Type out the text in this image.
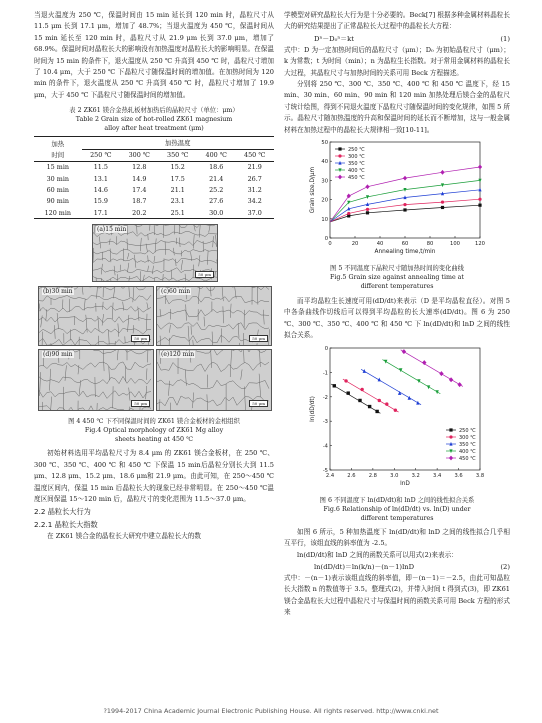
当退火温度为 250 ℃，保温时间由 15 min 延长到 120 min 时，晶粒尺寸从 11.5 μm 长到 17.1 μm，增加了 48.7%；当退火温度为 450 ℃，保温时间从 15 min 延长至 120 min 时，晶粒尺寸从 21.9 μm 长到 37.0 μm，增加了 68.9%。保温时间对晶粒长大的影响没有加热温度对晶粒长大的影响明显。在保温时间为 15 min 的条件下，退火温度从 250 ℃ 升高到 450 ℃ 时，晶粒尺寸增加了 10.4 μm，大于 250 ℃ 下晶粒尺寸随保温时间的增加值。在加热时间为 120 min 的条件下，退火温度从 250 ℃ 升高到 450 ℃ 时，晶粒尺寸增加了 19.9 μm，大于 450 ℃ 下晶粒尺寸随保温时间的增加值。

表 2 ZK61 镁合金热轧板材加热后的晶粒尺寸（单位：μm）

Table 2 Grain size of hot-rolled ZK61 magnesium

alloy after heat treatment (μm)

加热	加热温度				
时间	250 ℃	300 ℃	350 ℃	400 ℃	450 ℃
15 min	11.5	12.8	15.2	18.6	21.9
30 min	13.1	14.9	17.5	21.4	26.7
60 min	14.6	17.4	21.1	25.2	31.2
90 min	15.9	18.7	23.1	27.6	34.2
120 min	17.1	20.2	25.1	30.0	37.0
(a)15 min
50 μm
(b)30 min
50 μm
(c)60 min
50 μm
(d)90 min
50 μm
(e)120 min
50 μm

图 4 450 ℃ 下不同保温时间的 ZK61 镁合金板材的金相组织

Fig.4 Optical morphology of ZK61 Mg alloy

sheets heating at 450 ℃

初始材料选用平均晶粒尺寸为 8.4 μm 的 ZK61 镁合金板材，在 250 ℃、300 ℃、350 ℃、400 ℃ 和 450 ℃ 下保温 15 min后晶粒分别长大到 11.5 μm、12.8 μm、15.2 μm、18.6 μm和 21.9 μm。由此可知，在 250～450 ℃ 温度区间内，保温 15 min 后晶粒长大的现象已经非常明显。在 250～450 ℃温度区间保温 15～120 min 后，晶粒尺寸的变化范围为 11.5～37.0 μm。

2.2 晶粒长大行为

2.2.1 晶粒长大指数

在 ZK61 镁合金的晶粒长大研究中建立晶粒长大的数

学模型对研究晶粒长大行为是十分必要的。Beck[7] 根据多种金属材料晶粒长大的研究结果提出了正常晶粒长大过程中的晶粒长大方程：

Dⁿ－D₀ⁿ＝kt	(1)

式中：D 为一定加热时间后的晶粒尺寸（μm）；D₀ 为初始晶粒尺寸（μm）；k 为常数；t 为时间（min）；n 为晶粒生长指数。对于常用金属材料的晶粒长大过程，其晶粒尺寸与加热时间的关系可用 Beck 方程描述。

分别将 250 ℃、300 ℃、350 ℃、400 ℃ 和 450 ℃ 温度下，经 15 min、30 min、60 min、90 min 和 120 min 加热处理后镁合金的晶粒尺寸统计绘图，得到不同退火温度下晶粒尺寸随保温时间的变化规律，如图 5 所示。晶粒尺寸随加热温度的升高和保温时间的延长而不断增加，这与一般金属材料在加热过程中的晶粒长大规律相一致[10-11]。

0	20	40	60	80	100	120
0
10
20
30
40
50
Annealing time,t/min
Grain size,D/μm
250 ℃
300 ℃
350 ℃
400 ℃
450 ℃

图 5 不同温度下晶粒尺寸随加热时间的变化曲线

Fig.5 Grain size against annealing time at

different temperatures

而平均晶粒生长速度可用(dD/dt)来表示（D 是平均晶粒直径）。对图 5 中各条曲线作切线后可以得到平均晶粒的长大速率(dD/dt)。图 6 为 250 ℃、300 ℃、350 ℃、400 ℃ 和 450 ℃ 下 ln(dD/dt)和 lnD 之间的线性拟合关系。

2.4	2.6	2.8	3.0	3.2	3.4	3.6	3.8
-5
-4
-3
-2
-1
0
lnD
ln(dD/dt)
250 ℃
300 ℃
350 ℃
400 ℃
450 ℃

图 6 不同温度下 ln(dD/dt)和 lnD 之间的线性拟合关系

Fig.6 Relationship of ln(dD/dt) vs. ln(D) under

different temperatures

如图 6 所示，5 种加热温度下 ln(dD/dt)和 lnD 之间的线性拟合几乎相互平行，该组直线的斜率值为 -2.5。

ln(dD/dt)和 lnD 之间的函数关系可以用式(2)来表示：

ln(dD/dt)＝ln(k/n)－(n－1)lnD	(2)

式中：－(n－1)表示该组直线的斜率值，即－(n－1)＝－2.5，由此可知晶粒长大指数 n 的数值等于 3.5。整理式(2)，并带入时间 t 得到式(3)，即 ZK61 镁合金晶粒长大过程中晶粒尺寸与保温时间的函数关系可用 Beck 方程的形式来

?1994-2017 China Academic Journal Electronic Publishing House. All rights reserved. http://www.cnki.net
